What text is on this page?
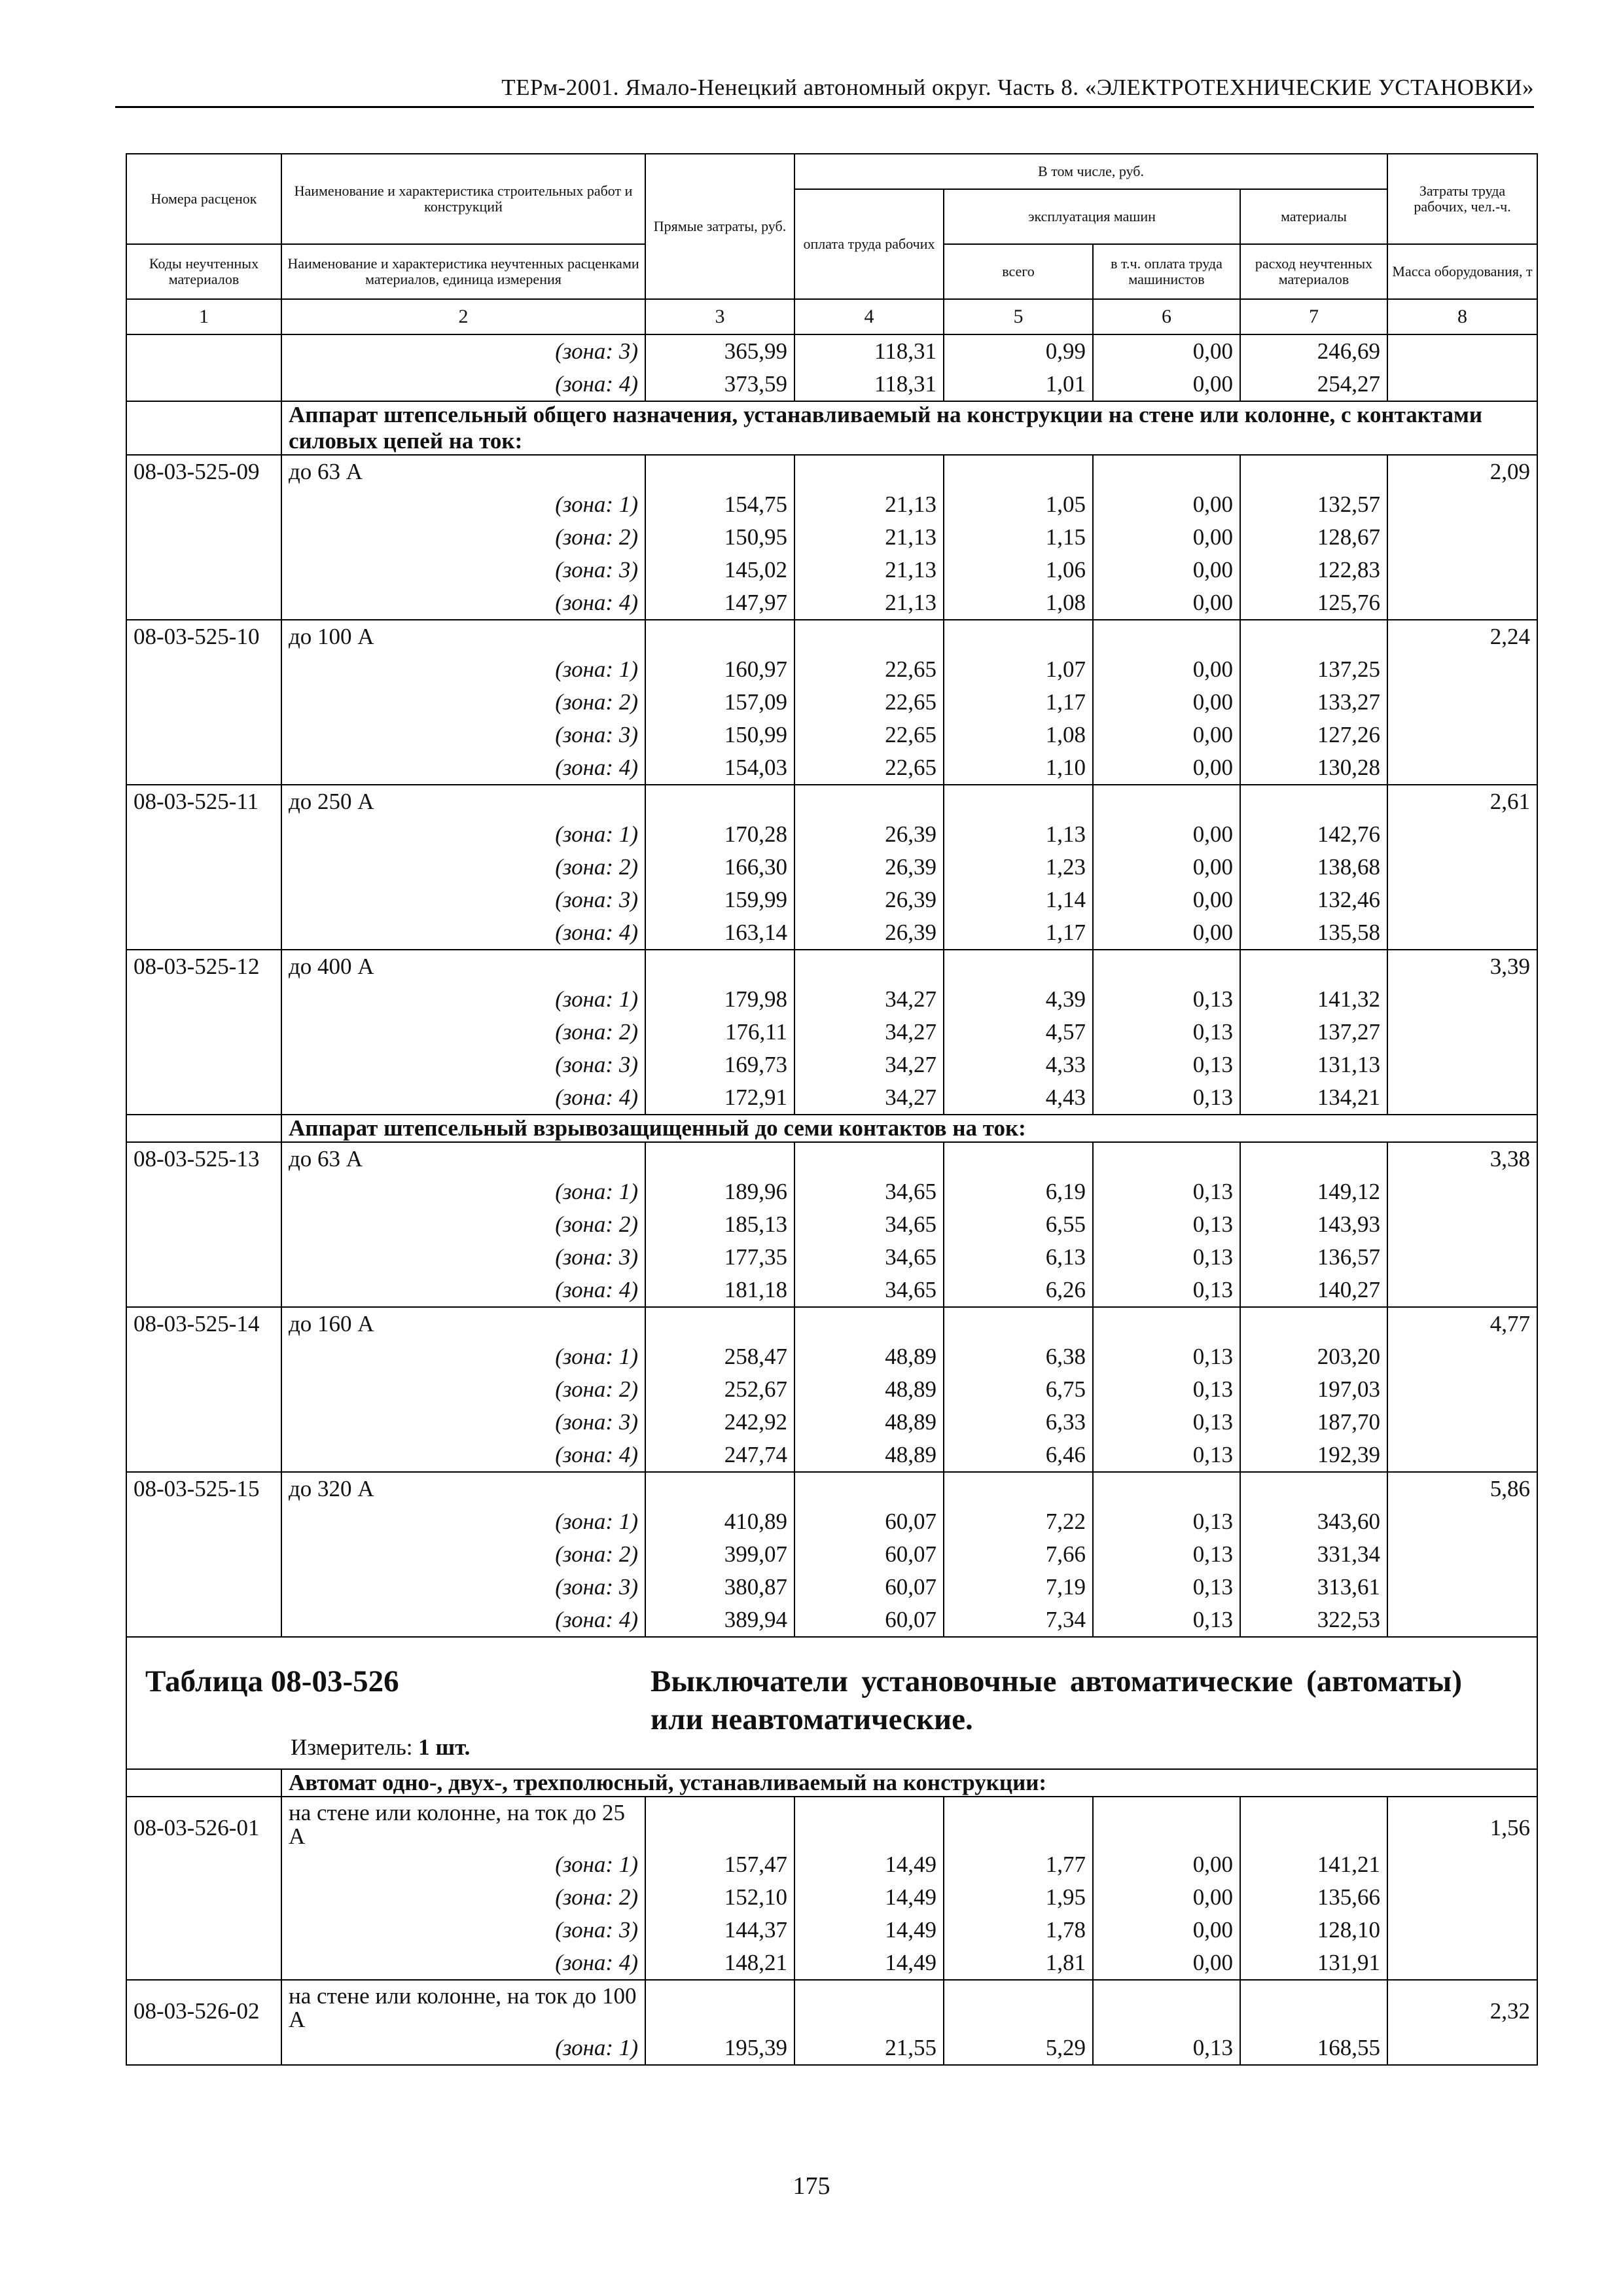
ТЕРм-2001. Ямало-Ненецкий автономный округ. Часть 8. «ЭЛЕКТРОТЕХНИЧЕСКИЕ УСТАНОВКИ»
Номера расценок	Наименование и характеристика строительных работ и конструкций	Прямые затраты, руб.	В том числе, руб.				Затраты труда рабочих, чел.-ч.
			оплата труда рабочих	эксплуатация машин		материалы	

Коды неучтенных материалов	Наименование и характеристика неучтенных расценками материалов, единица измерения			всего	в т.ч. оплата труда машинистов	расход неучтенных материалов	Масса оборудования, т

1	2	3	4	5	6	7	8
	(зона: 3)	365,99	118,31	0,99	0,00	246,69	
	(зона: 4)	373,59	118,31	1,01	0,00	254,27	
	Аппарат штепсельный общего назначения, устанавливаемый на конструкции на стене или колонне, с контактами силовых цепей на ток:						
08-03-525-09	до 63 А						2,09
	(зона: 1)	154,75	21,13	1,05	0,00	132,57	
	(зона: 2)	150,95	21,13	1,15	0,00	128,67	
	(зона: 3)	145,02	21,13	1,06	0,00	122,83	
	(зона: 4)	147,97	21,13	1,08	0,00	125,76	
08-03-525-10	до 100 А						2,24
	(зона: 1)	160,97	22,65	1,07	0,00	137,25	
	(зона: 2)	157,09	22,65	1,17	0,00	133,27	
	(зона: 3)	150,99	22,65	1,08	0,00	127,26	
	(зона: 4)	154,03	22,65	1,10	0,00	130,28	
08-03-525-11	до 250 А						2,61
	(зона: 1)	170,28	26,39	1,13	0,00	142,76	
	(зона: 2)	166,30	26,39	1,23	0,00	138,68	
	(зона: 3)	159,99	26,39	1,14	0,00	132,46	
	(зона: 4)	163,14	26,39	1,17	0,00	135,58	
08-03-525-12	до 400 А						3,39
	(зона: 1)	179,98	34,27	4,39	0,13	141,32	
	(зона: 2)	176,11	34,27	4,57	0,13	137,27	
	(зона: 3)	169,73	34,27	4,33	0,13	131,13	
	(зона: 4)	172,91	34,27	4,43	0,13	134,21	
	Аппарат штепсельный взрывозащищенный до семи контактов на ток:						
08-03-525-13	до 63 А						3,38
	(зона: 1)	189,96	34,65	6,19	0,13	149,12	
	(зона: 2)	185,13	34,65	6,55	0,13	143,93	
	(зона: 3)	177,35	34,65	6,13	0,13	136,57	
	(зона: 4)	181,18	34,65	6,26	0,13	140,27	
08-03-525-14	до 160 А						4,77
	(зона: 1)	258,47	48,89	6,38	0,13	203,20	
	(зона: 2)	252,67	48,89	6,75	0,13	197,03	
	(зона: 3)	242,92	48,89	6,33	0,13	187,70	
	(зона: 4)	247,74	48,89	6,46	0,13	192,39	
08-03-525-15	до 320 А						5,86
	(зона: 1)	410,89	60,07	7,22	0,13	343,60	
	(зона: 2)	399,07	60,07	7,66	0,13	331,34	
	(зона: 3)	380,87	60,07	7,19	0,13	313,61	
	(зона: 4)	389,94	60,07	7,34	0,13	322,53	

Таблица 08-03-526 Выключатели установочные автоматические (автоматы) или неавтоматические.
Измеритель: 1 шт.							

	Автомат одно-, двух-, трехполюсный, устанавливаемый на конструкции:						
08-03-526-01	на стене или колонне, на ток до 25 А						1,56
	(зона: 1)	157,47	14,49	1,77	0,00	141,21	
	(зона: 2)	152,10	14,49	1,95	0,00	135,66	
	(зона: 3)	144,37	14,49	1,78	0,00	128,10	
	(зона: 4)	148,21	14,49	1,81	0,00	131,91	
08-03-526-02	на стене или колонне, на ток до 100 А						2,32
	(зона: 1)	195,39	21,55	5,29	0,13	168,55	
175
